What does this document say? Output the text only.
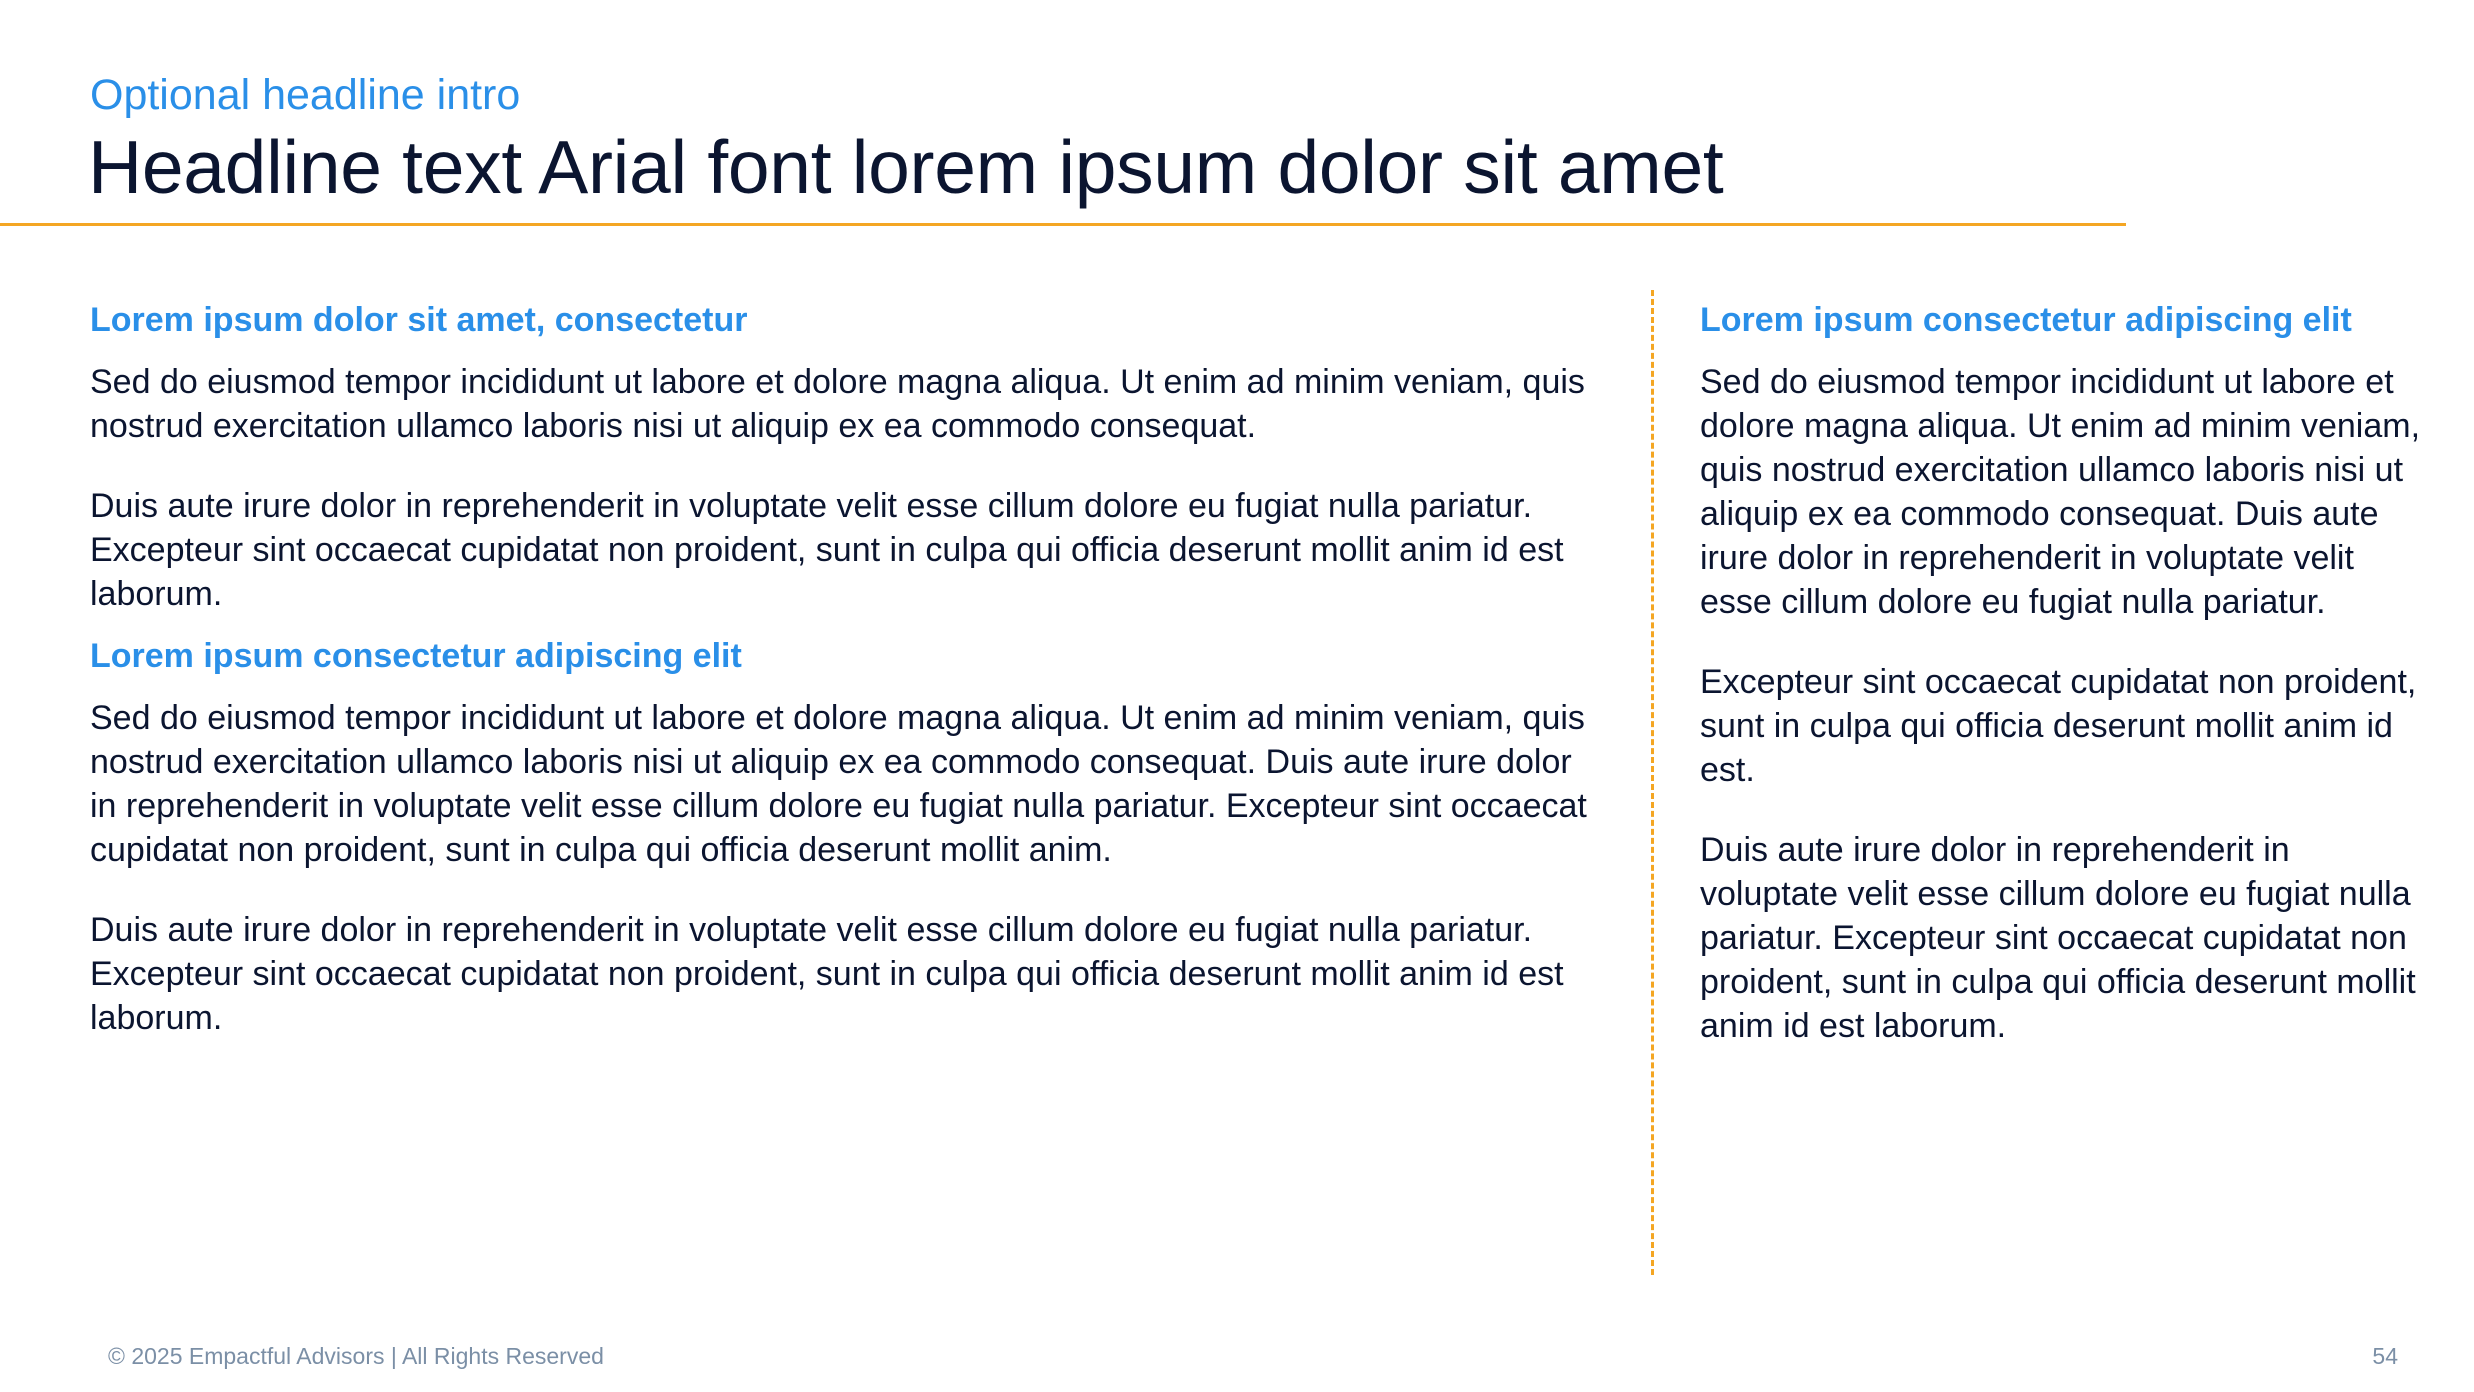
Optional headline intro
Headline text Arial font lorem ipsum dolor sit amet

Lorem ipsum dolor sit amet, consectetur

Sed do eiusmod tempor incididunt ut labore et dolore magna aliqua. Ut enim ad minim veniam, quis nostrud exercitation ullamco laboris nisi ut aliquip ex ea commodo consequat.

Duis aute irure dolor in reprehenderit in voluptate velit esse cillum dolore eu fugiat nulla pariatur. Excepteur sint occaecat cupidatat non proident, sunt in culpa qui officia deserunt mollit anim id est laborum.

Lorem ipsum consectetur adipiscing elit

Sed do eiusmod tempor incididunt ut labore et dolore magna aliqua. Ut enim ad minim veniam, quis nostrud exercitation ullamco laboris nisi ut aliquip ex ea commodo consequat. Duis aute irure dolor in reprehenderit in voluptate velit esse cillum dolore eu fugiat nulla pariatur. Excepteur sint occaecat cupidatat non proident, sunt in culpa qui officia deserunt mollit anim.

Duis aute irure dolor in reprehenderit in voluptate velit esse cillum dolore eu fugiat nulla pariatur. Excepteur sint occaecat cupidatat non proident, sunt in culpa qui officia deserunt mollit anim id est laborum.

Lorem ipsum consectetur adipiscing elit

Sed do eiusmod tempor incididunt ut labore et dolore magna aliqua. Ut enim ad minim veniam, quis nostrud exercitation ullamco laboris nisi ut aliquip ex ea commodo consequat. Duis aute irure dolor in reprehenderit in voluptate velit esse cillum dolore eu fugiat nulla pariatur.

Excepteur sint occaecat cupidatat non proident, sunt in culpa qui officia deserunt mollit anim id est.

Duis aute irure dolor in reprehenderit in voluptate velit esse cillum dolore eu fugiat nulla pariatur. Excepteur sint occaecat cupidatat non proident, sunt in culpa qui officia deserunt mollit anim id est laborum.

© 2025 Empactful Advisors | All Rights Reserved	54
